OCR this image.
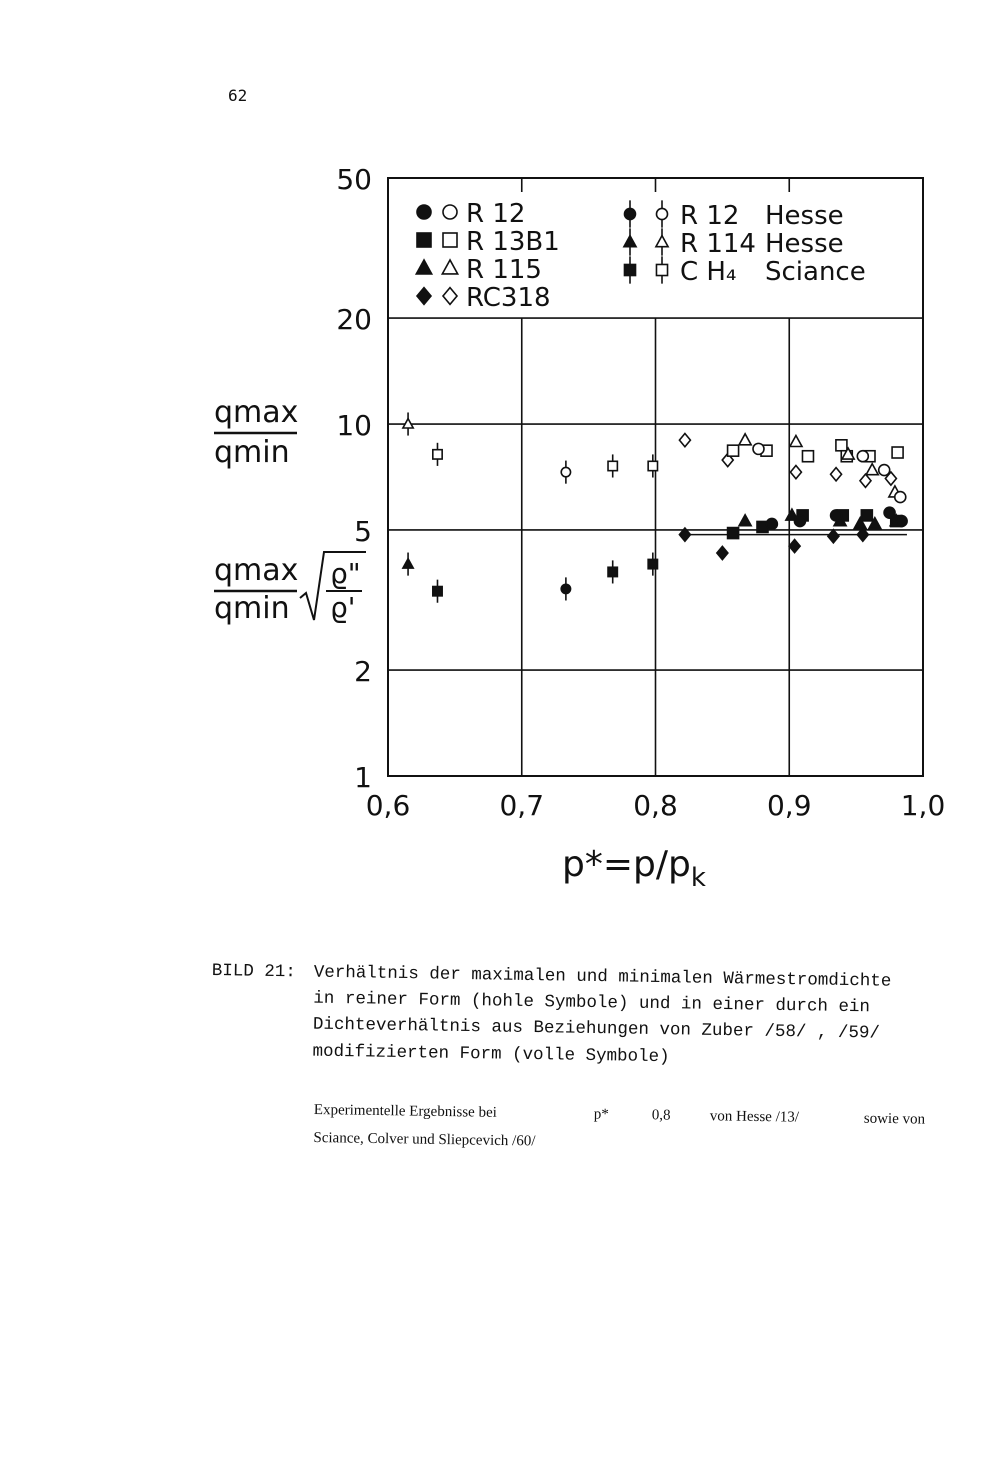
62
1
2
5
10
20
50
0,6	0,7	0,8	0,9	1,0
R 12
R 13B1
R 115
RC318
R 12 Hesse
R 114 Hesse
C H₄ Sciance
qmax
qmin
qmax
qmin
ϱ"
ϱ'
$p*=p/p_k$
BILD 21: Verhältnis der maximalen und minimalen Wärmestromdichte
in reiner Form (hohle Symbole) und in einer durch ein
Dichteverhältnis aus Beziehungen von Zuber /58/ , /59/
modifizierten Form (volle Symbole)
Experimentelle Ergebnisse bei	p*	0,8	von Hesse /13/	sowie von
Sciance, Colver und Sliepcevich /60/
